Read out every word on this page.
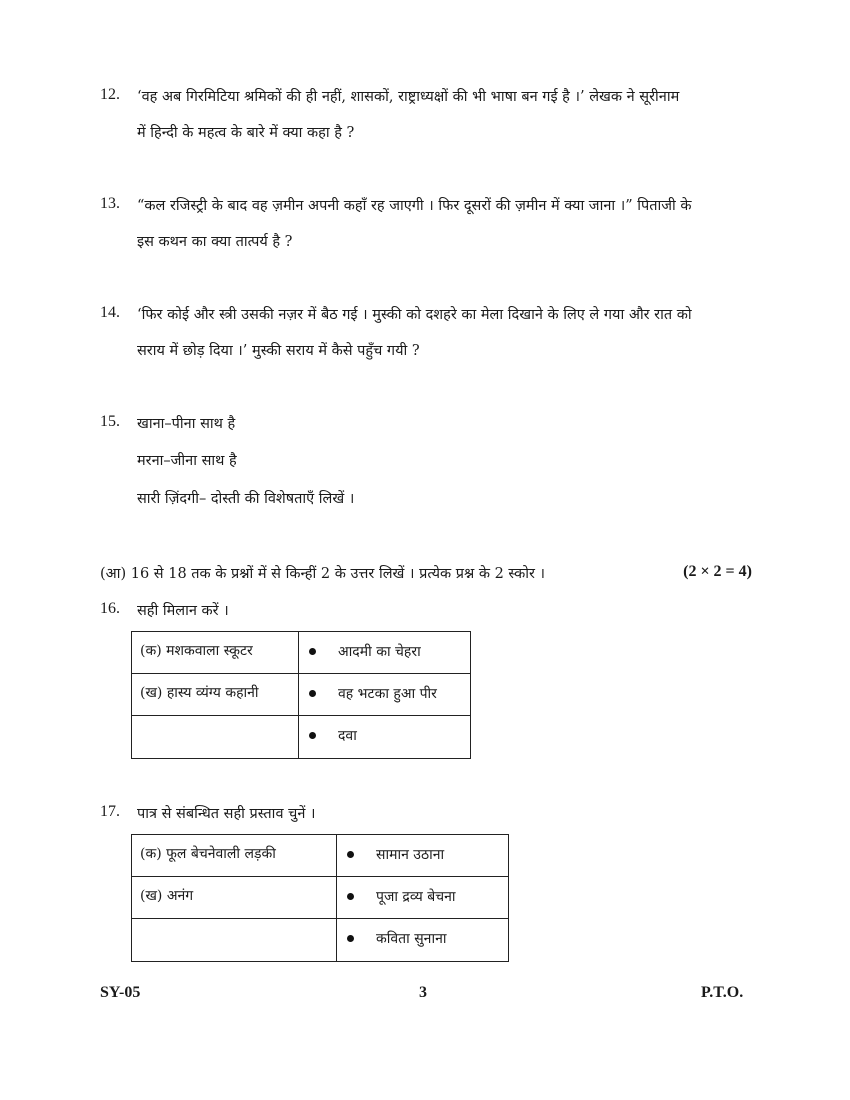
12.	‘वह अब गिरमिटिया श्रमिकों की ही नहीं, शासकों, राष्ट्राध्यक्षों की भी भाषा बन गई है ।’ लेखक ने सूरीनाम
में हिन्दी के महत्व के बारे में क्या कहा है ?
13.	“कल रजिस्ट्री के बाद वह ज़मीन अपनी कहाँ रह जाएगी । फिर दूसरों की ज़मीन में क्या जाना ।” पिताजी के
इस कथन का क्या तात्पर्य है ?
14.	‘फिर कोई और स्त्री उसकी नज़र में बैठ गई । मुस्की को दशहरे का मेला दिखाने के लिए ले गया और रात को
सराय में छोड़ दिया ।’ मुस्की सराय में कैसे पहुँच गयी ?
15.	खाना–पीना साथ है
मरना–जीना साथ है
सारी ज़िंदगी– दोस्ती की विशेषताएँ लिखें ।
(आ) 16 से 18 तक के प्रश्नों में से किन्हीं 2 के उत्तर लिखें । प्रत्येक प्रश्न के 2 स्कोर ।	(2 × 2 = 4)
16.	सही मिलान करें ।
(क) मशकवाला स्कूटर	आदमी का चेहरा
(ख) हास्य व्यंग्य कहानी	वह भटका हुआ पीर
	दवा
17.	पात्र से संबन्धित सही प्रस्ताव चुनें ।
(क) फूल बेचनेवाली लड़की	सामान उठाना
(ख) अनंग	पूजा द्रव्य बेचना
	कविता सुनाना
SY-05	3	P.T.O.
